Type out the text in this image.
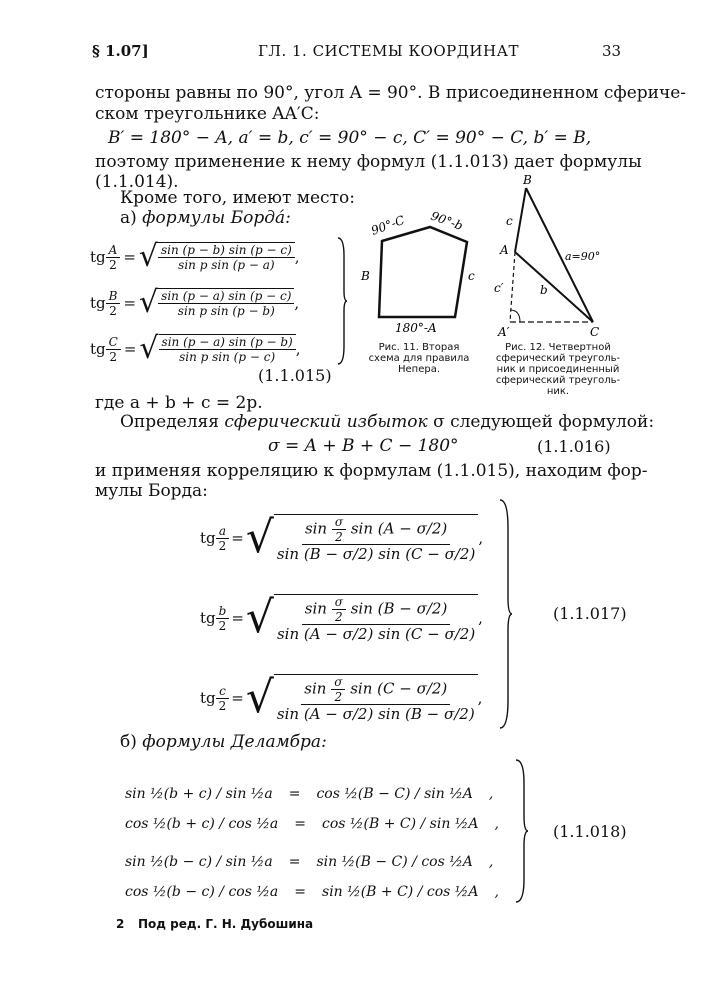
§ 1.07]	ГЛ. 1. СИСТЕМЫ КООРДИНАТ	33
стороны равны по 90°, угол A = 90°. В присоединенном сфериче-
ском треугольнике AA′C:
B′ = 180° − A, a′ = b, c′ = 90° − c, C′ = 90° − C, b′ = B,
поэтому применение к нему формул (1.1.013) дает формулы
(1.1.014).
Кроме того, имеют место:
а) формулы Борда́:
tg $\frac{A}{2}$ = √ $\frac{\sin (p - b) \sin (p - c)}{\text{sin p sin (p − a)}}$ ,
tg $\frac{B}{2}$ = √ $\frac{\sin (p - a) \sin (p - c)}{\text{sin p sin (p − b)}}$ ,
tg $\frac{C}{2}$ = √ $\frac{\sin (p - a) \sin (p - b)}{\text{sin p sin (p − c)}}$ ,
(1.1.015)
90°-C 90°-b
B	c
180°-A
Рис. 11. Вторая
схема для правила
Непера.
B
c
A	a=90°
c′	b
A′	C
Рис. 12. Четвертной
сферический треуголь-
ник и присоединенный
сферический треуголь-
ник.
где a + b + c = 2p.
Определяя сферический избыток σ следующей формулой:
σ = A + B + C − 180°	(1.1.016)
и применяя корреляцию к формулам (1.1.015), находим фор-
мулы Борда:
tg $\frac{a}{2}$ = √ $\frac{\sin \frac{\sigma}{2} \sin (A - \sigma/2)}{\sin (B - \sigma/2) \sin (C - \sigma/2)}$ ,
tg $\frac{b}{2}$ = √ $\frac{\sin \frac{\sigma}{2} \sin (B - \sigma/2)}{\sin (A - \sigma/2) \sin (C - \sigma/2)}$ ,
tg $\frac{c}{2}$ = √ $\frac{\sin \frac{\sigma}{2} \sin (C - \sigma/2)}{\sin (A - \sigma/2) \sin (B - \sigma/2)}$ ,
(1.1.017)
б) формулы Деламбра:
sin ½(b + c) / sin ½a = cos ½(B − C) / sin ½A ,
sin ½(b − c) / sin ½a = sin ½(B − C) / cos ½A ,
cos ½(b + c) / cos ½a = cos ½(B + C) / sin ½A ,
cos ½(b − c) / cos ½a = sin ½(B + C) / cos ½A ,
(1.1.018)
2 Под ред. Г. Н. Дубошина
